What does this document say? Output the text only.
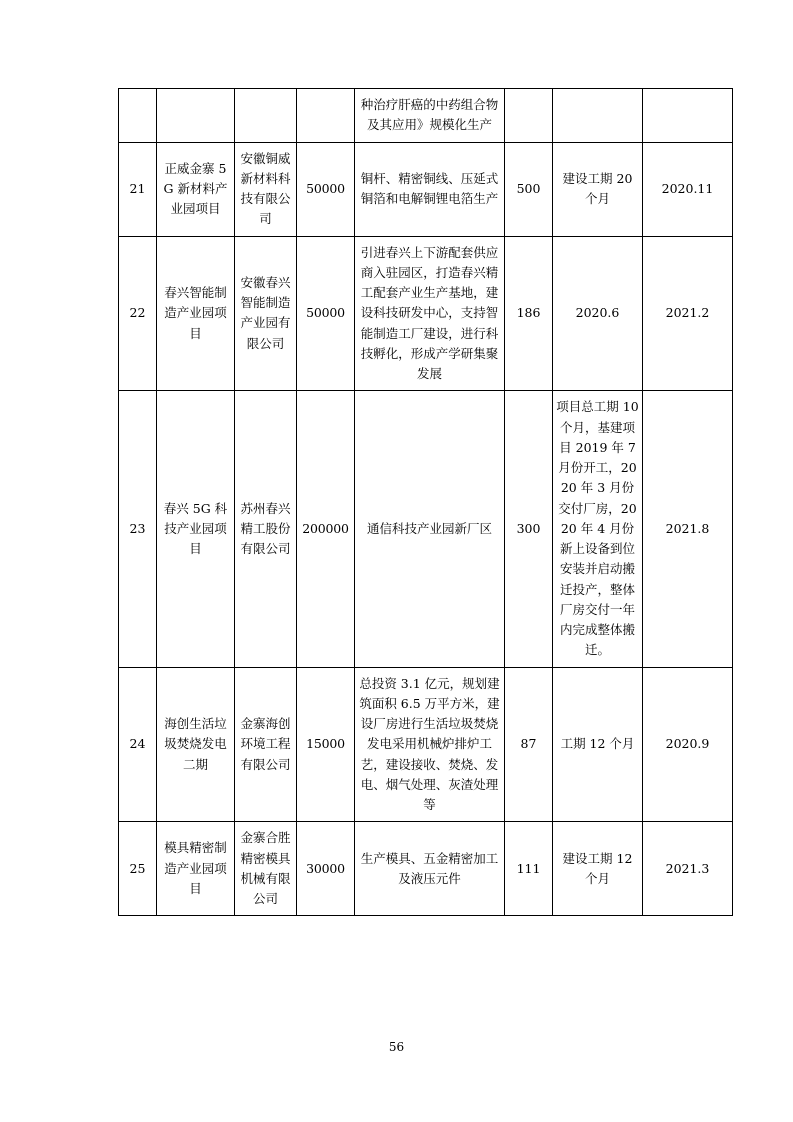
				种治疗肝癌的中药组合物及其应用》规模化生产			
21	正威金寨 5G 新材料产业园项目	安徽铜威新材料科技有限公司	50000	铜杆、精密铜线、压延式铜箔和电解铜锂电箔生产	500	建设工期 20 个月	2020.11
22	春兴智能制造产业园项目	安徽春兴智能制造产业园有限公司	50000	引进春兴上下游配套供应商入驻园区，打造春兴精工配套产业生产基地，建设科技研发中心，支持智能制造工厂建设，进行科技孵化，形成产学研集聚发展	186	2020.6	2021.2
23	春兴 5G 科技产业园项目	苏州春兴精工股份有限公司	200000	通信科技产业园新厂区	300	项目总工期 10 个月，基建项目 2019 年 7 月份开工，2020 年 3 月份交付厂房，2020 年 4 月份新上设备到位安装并启动搬迁投产，整体厂房交付一年内完成整体搬迁。	2021.8
24	海创生活垃圾焚烧发电二期	金寨海创环境工程有限公司	15000	总投资 3.1 亿元，规划建筑面积 6.5 万平方米，建设厂房进行生活垃圾焚烧发电采用机械炉排炉工艺，建设接收、焚烧、发电、烟气处理、灰渣处理等	87	工期 12 个月	2020.9
25	模具精密制造产业园项目	金寨合胜精密模具机械有限公司	30000	生产模具、五金精密加工及液压元件	111	建设工期 12 个月	2021.3
56
